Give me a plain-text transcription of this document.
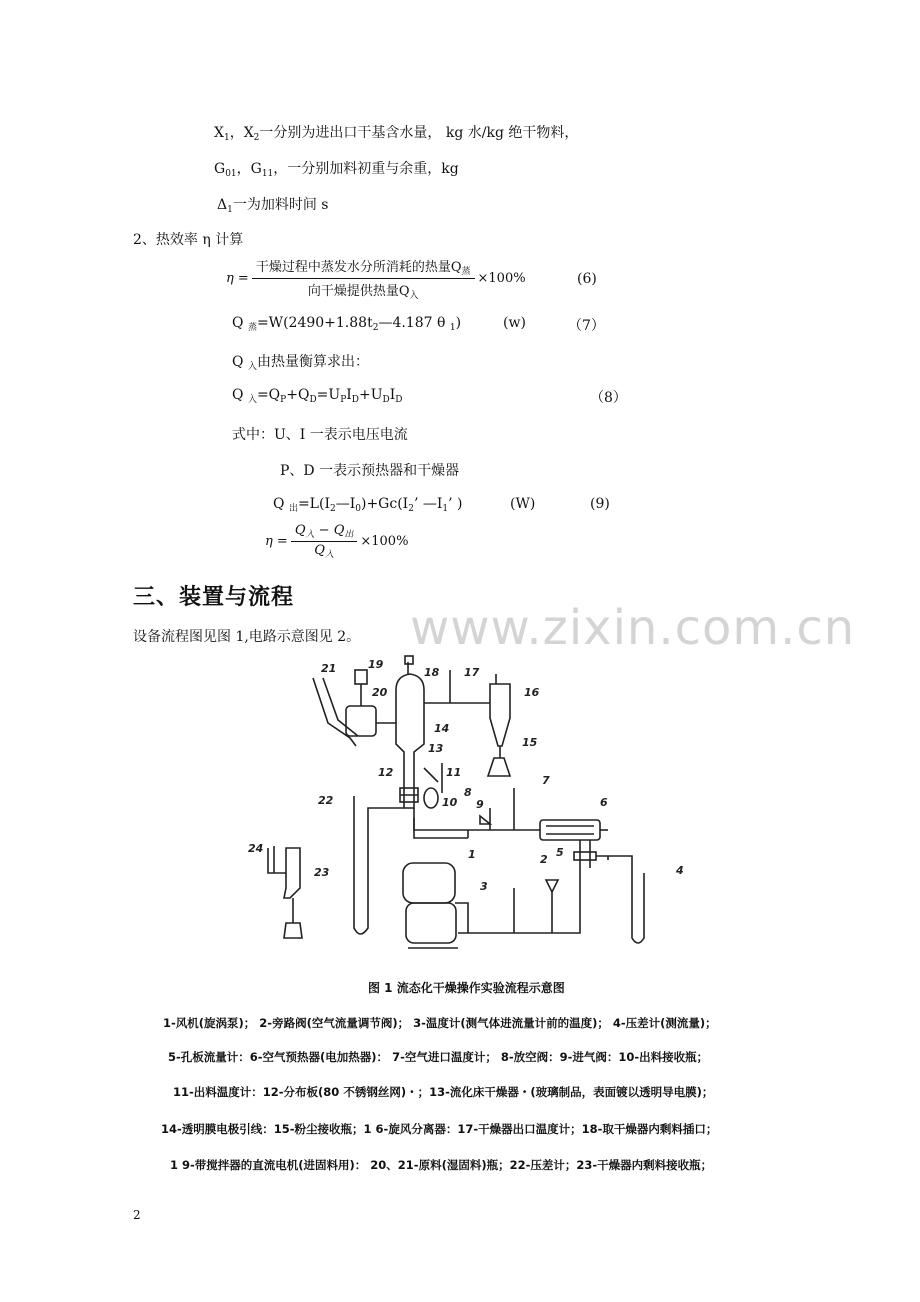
$X_1$，$X_2$一分别为进出口干基含水量， kg 水/kg 绝干物料，
$G_{01}$，$G_{11}$，一分别加料初重与余重，kg
$\Delta_1$一为加料时间 s
2、热效率 η 计算
$\eta = \frac{干燥过程中蒸发水分所消耗的热量Q_蒸}{向干燥提供热量Q_入} \times 100\%$	(6)
Q $_蒸=W(2490+1.88t_2—4.187$ θ $_1$)	(w)	（7）
Q $_入$由热量衡算求出：
Q $_入=Q_P+Q_D=U_PI_D+U_DI_D$	（8）
式中：U、I 一表示电压电流
P、D 一表示预热器和干燥器
Q $_出=L(I_2—I_0)+Gc(I_2$’ $—I_1$’ )	(W)	(9)
$\eta = \frac{Q_入 - Q_出}{Q_入} \times 100\%$
www.zixin.com.cn
三、装置与流程
设备流程图见图 1,电路示意图见 2。
21	19
20
18 17
16
15
14
13
11
12
10
8
9
7
6
5
4
2
3
1
22
24
23
图 1 流态化干燥操作实验流程示意图
1-风机(旋涡泵)； 2-旁路阀(空气流量调节阀)； 3-温度计(测气体进流量计前的温度)； 4-压差计(测流量)；
5-孔板流量计：6-空气预热器(电加热器)： 7-空气进口温度计； 8-放空阀：9-进气阀：10-出料接收瓶；
11-出料温度计：12-分布板(80 不锈钢丝网)・；13-流化床干燥器・(玻璃制品，表面镀以透明导电膜)；
14-透明膜电极引线：15-粉尘接收瓶；1 6-旋风分离器：17-干燥器出口温度计；18-取干燥器内剩料插口；
1 9-带搅拌器的直流电机(进固料用)： 20、21-原料(湿固料)瓶；22-压差计；23-干燥器内剩料接收瓶；
2
